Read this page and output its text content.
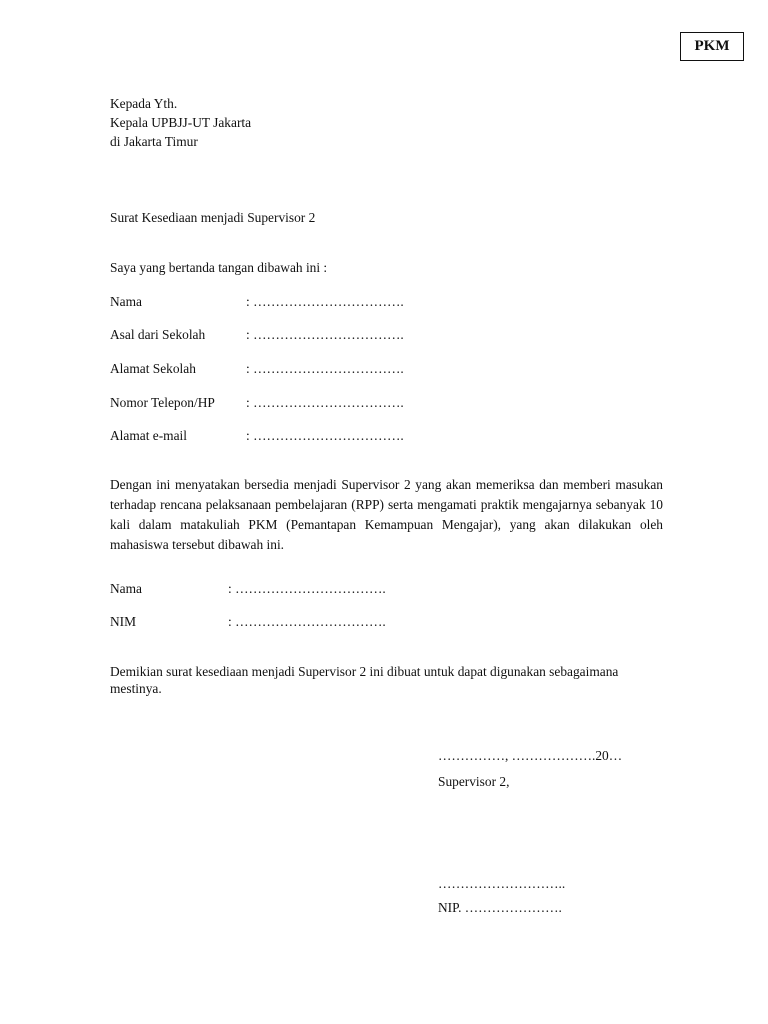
PKM
Kepada Yth.
Kepala UPBJJ-UT Jakarta
di Jakarta Timur
Surat Kesediaan menjadi Supervisor 2
Saya yang bertanda tangan dibawah ini :
Nama	: …………………………….
Asal dari Sekolah	: …………………………….
Alamat Sekolah	: …………………………….
Nomor Telepon/HP : …………………………….
Alamat e-mail	: …………………………….
Dengan ini menyatakan bersedia menjadi Supervisor 2 yang akan memeriksa dan memberi masukan terhadap rencana pelaksanaan pembelajaran (RPP) serta mengamati praktik mengajarnya sebanyak 10 kali dalam matakuliah PKM (Pemantapan Kemampuan Mengajar), yang akan dilakukan oleh mahasiswa tersebut dibawah ini.
Nama	: …………………………….
NIM	: …………………………….
Demikian surat kesediaan menjadi Supervisor 2 ini dibuat untuk dapat digunakan sebagaimana mestinya.
……………, ……………….20…
Supervisor 2,
………………………..
NIP. ………………….
